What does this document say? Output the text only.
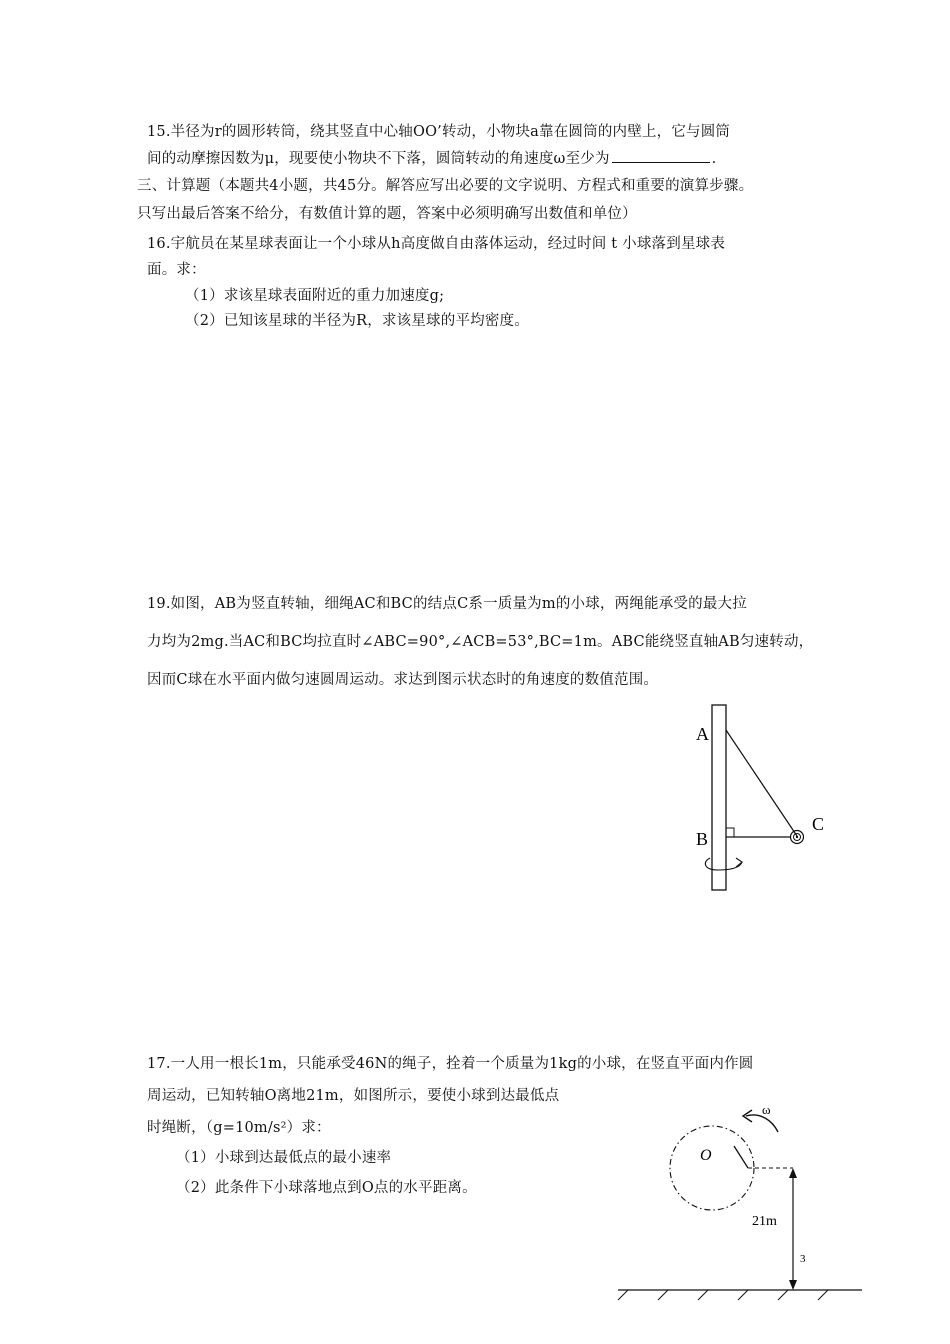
15.半径为r的圆形转筒，绕其竖直中心轴OO’转动，小物块a靠在圆筒的内壁上，它与圆筒
间的动摩擦因数为μ，现要使小物块不下落，圆筒转动的角速度ω至少为	.
三、计算题（本题共4小题，共45分。解答应写出必要的文字说明、方程式和重要的演算步骤。
只写出最后答案不给分，有数值计算的题，答案中必须明确写出数值和单位）
16.宇航员在某星球表面让一个小球从h高度做自由落体运动，经过时间 t 小球落到星球表
面。求：
（1）求该星球表面附近的重力加速度g;
（2）已知该星球的半径为R，求该星球的平均密度。
19.如图，AB为竖直转轴，细绳AC和BC的结点C系一质量为m的小球，两绳能承受的最大拉
力均为2mg.当AC和BC均拉直时∠ABC=90°,∠ACB=53°,BC=1m。ABC能绕竖直轴AB匀速转动，
因而C球在水平面内做匀速圆周运动。求达到图示状态时的角速度的数值范围。
A
B
C
17.一人用一根长1m，只能承受46N的绳子，拴着一个质量为1kg的小球，在竖直平面内作圆
周运动，已知转轴O离地21m，如图所示，要使小球到达最低点
时绳断，（g=10m/s²）求：
（1）小球到达最低点的最小速率
（2）此条件下小球落地点到O点的水平距离。
O
ω
21m
3
